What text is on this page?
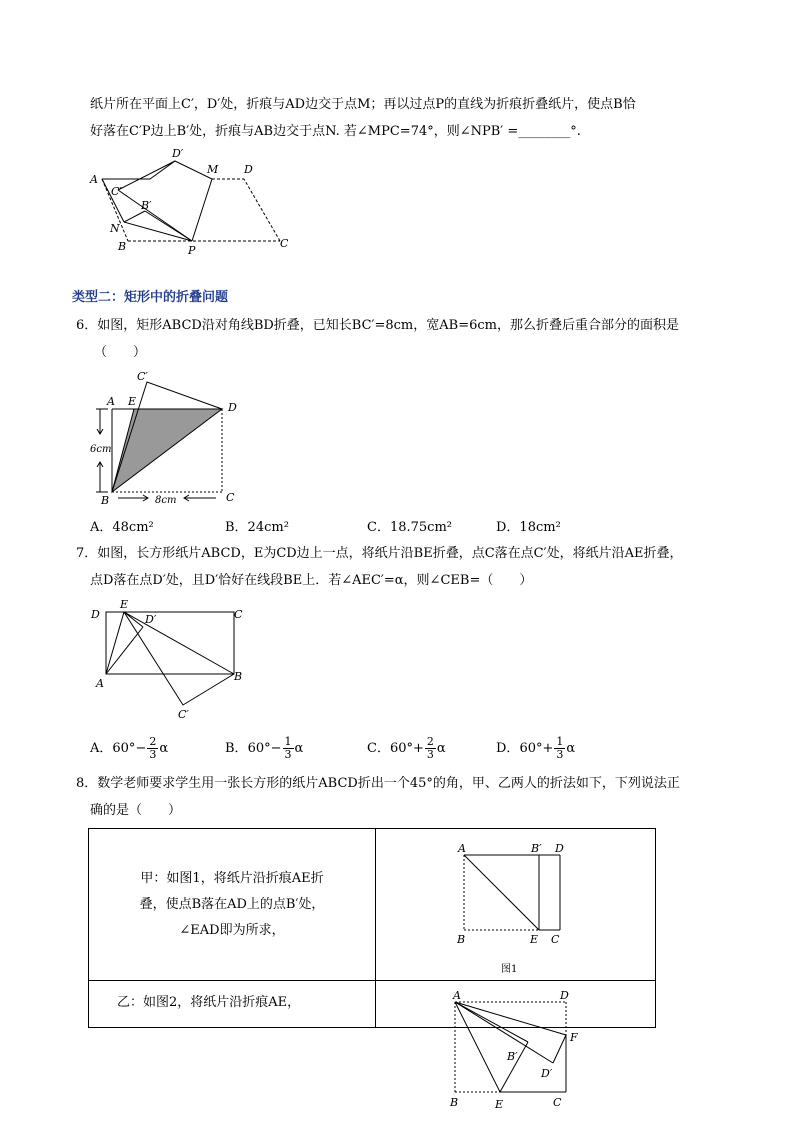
纸片所在平面上C′，D′处，折痕与AD边交于点M；再以过点P的直线为折痕折叠纸片，使点B恰
好落在C′P边上B′处，折痕与AB边交于点N. 若∠MPC=74°，则∠NPB′ =________°.
A
C′
D′
M D
B′
N
B	P
C
类型二：矩形中的折叠问题
6．如图，矩形ABCD沿对角线BD折叠，已知长BC′=8cm，宽AB=6cm，那么折叠后重合部分的面积是
（　　）
C′
A E	D
6cm
B	8cm	C
A．48cm²	B．24cm²	C．18.75cm²	D．18cm²
7．如图，长方形纸片ABCD，E为CD边上一点，将纸片沿BE折叠，点C落在点C′处，将纸片沿AE折叠，
点D落在点D′处，且D′恰好在线段BE上．若∠AEC′=α，则∠CEB=（　　）
D
E
D′	C
A
B
C′
A．$60^\circ- \frac{2}{3}$ α	B．$60^\circ- \frac{1}{3}$ α	C．$60^\circ+ \frac{2}{3}$ α	D．$60^\circ+ \frac{1}{3}$ α
8．数学老师要求学生用一张长方形的纸片ABCD折出一个45°的角，甲、乙两人的折法如下，下列说法正
确的是（　　）
甲：如图1，将纸片沿折痕AE折
叠，使点B落在AD上的点B′处，
∠EAD即为所求，	

乙：如图2，将纸片沿折痕AE，	
A	B′ D
B	E C
图1
A	D
F
B′
D′
B	E	C
